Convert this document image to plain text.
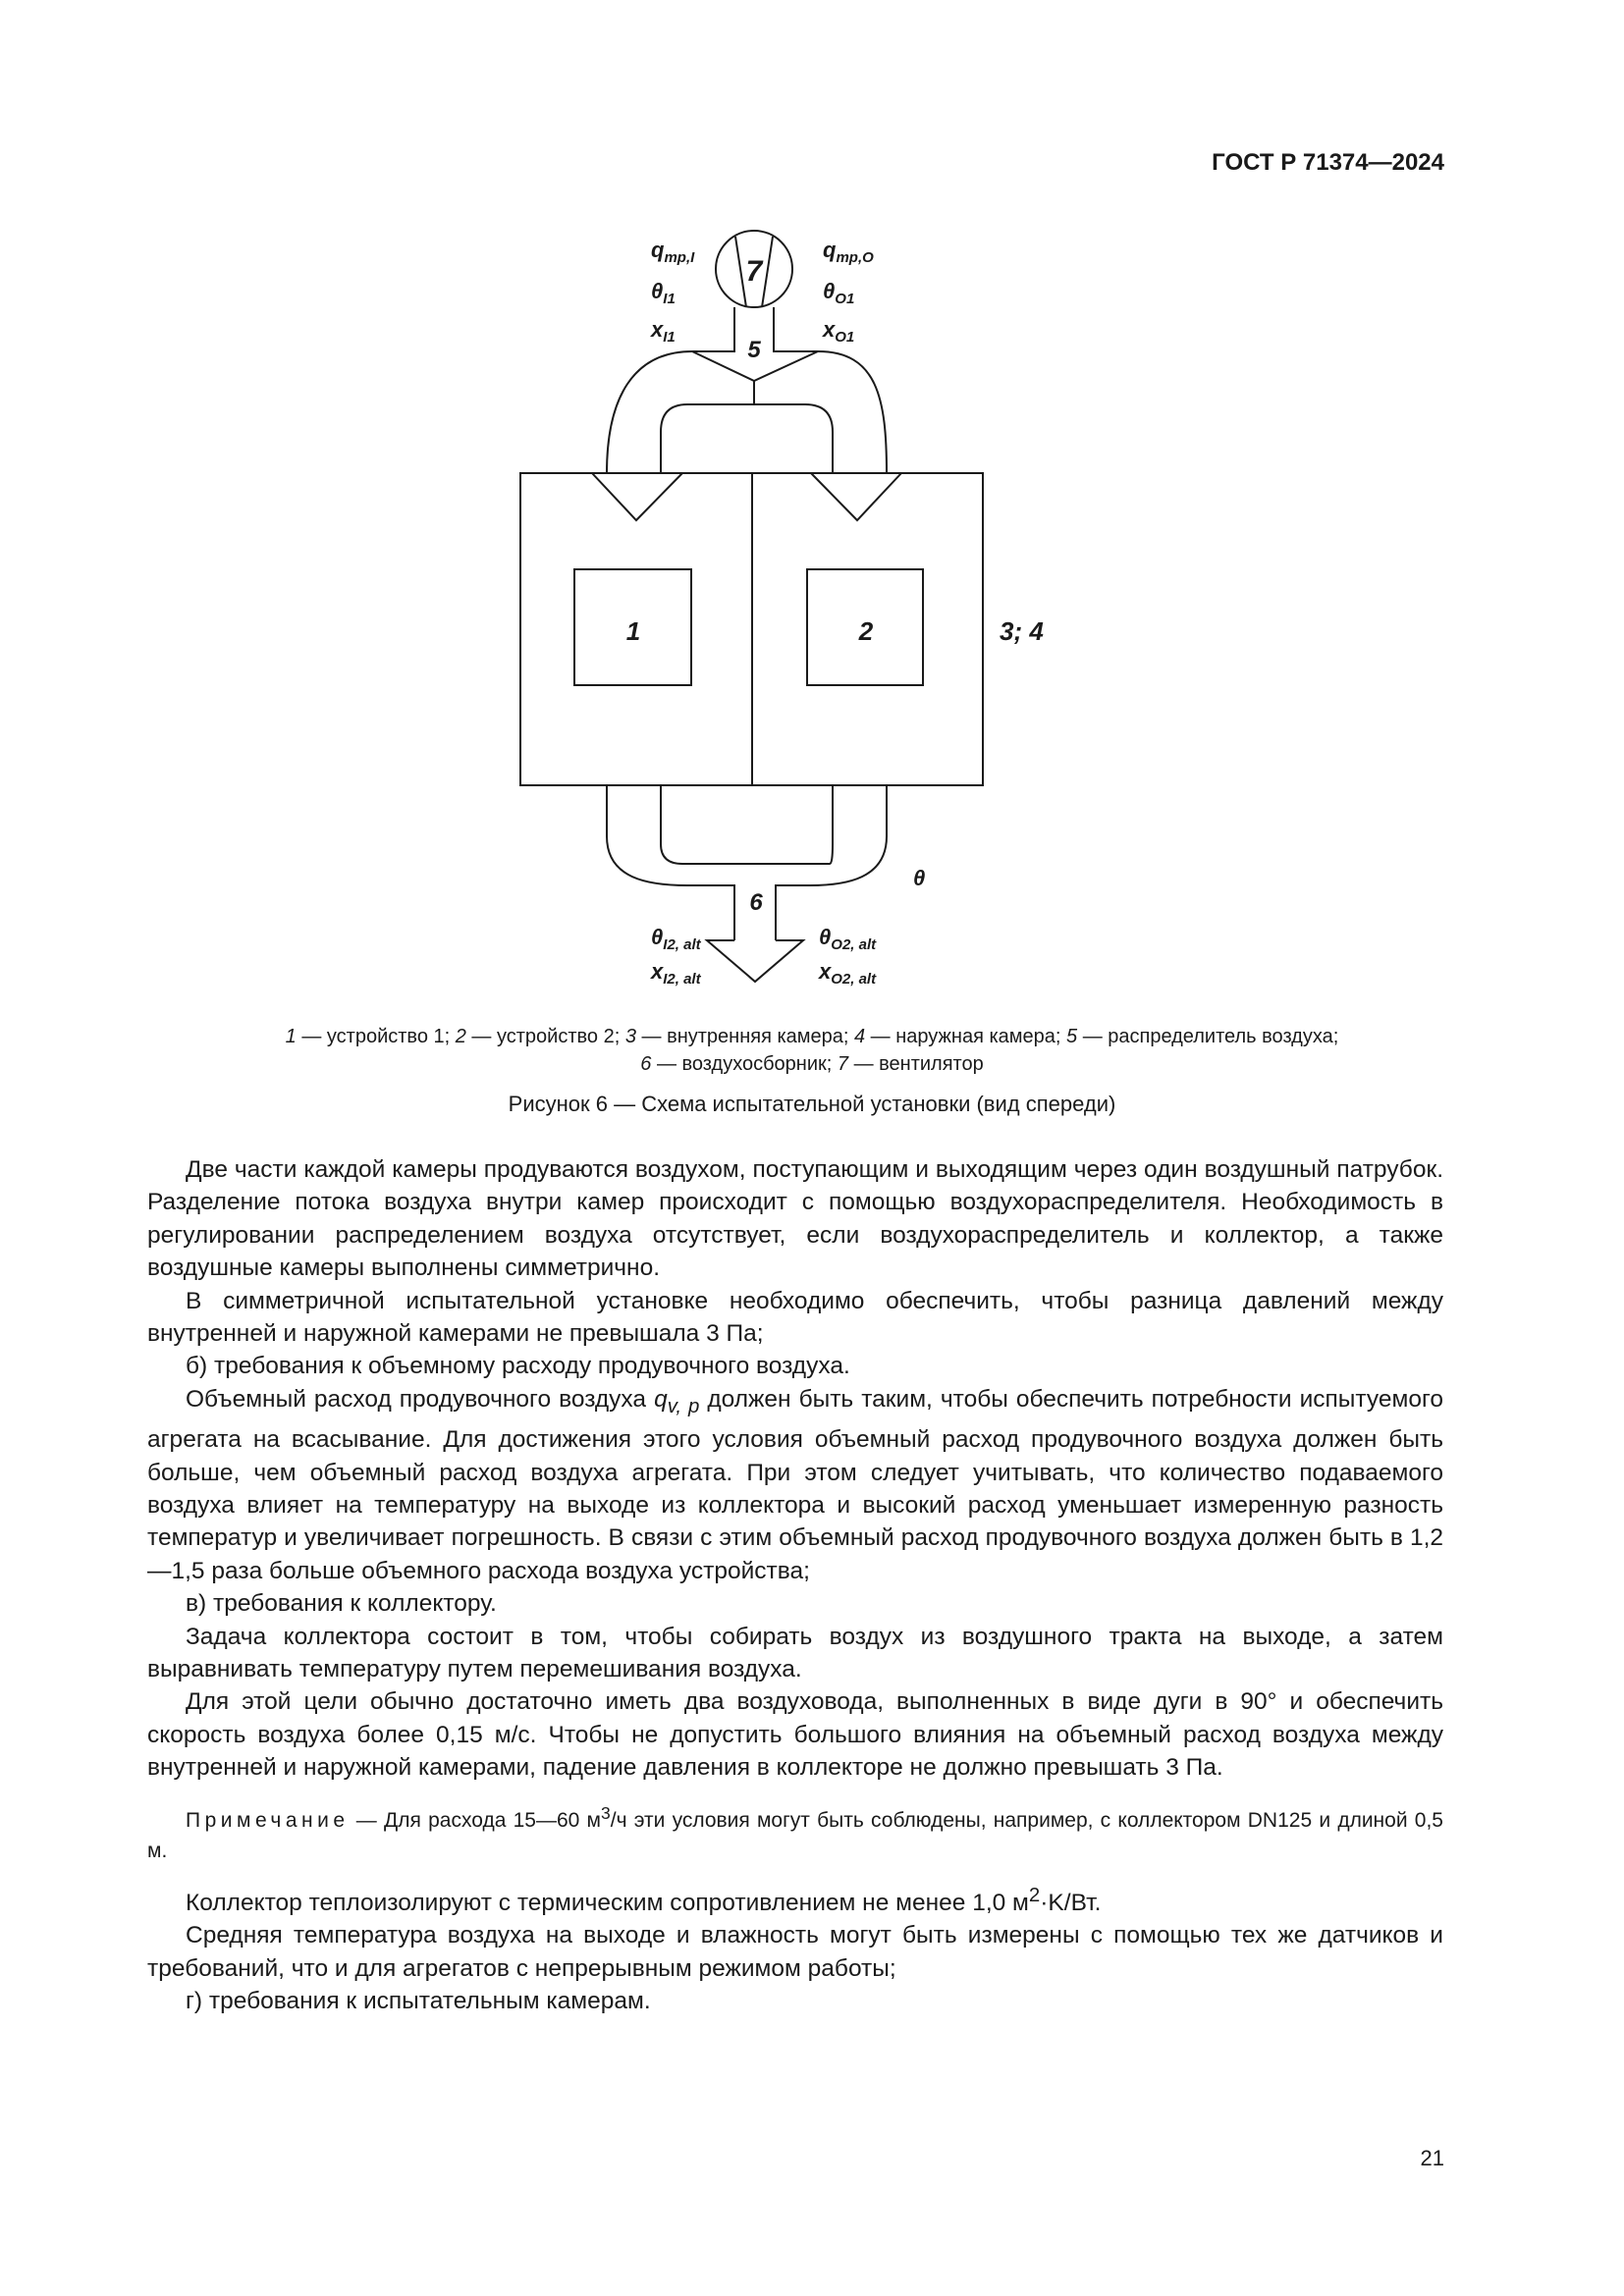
ГОСТ Р 71374—2024
7
5
6
1	2	3; 4
θ
$q_{mp,I}$
$\theta_{I1}$
$x_{I1}$
$q_{mp,O}$
$\theta_{O1}$
$x_{O1}$
$\theta_{I2, alt}$
$x_{I2, alt}$
$\theta_{O2, alt}$
$x_{O2, alt}$
1 — устройство 1; 2 — устройство 2; 3 — внутренняя камера; 4 — наружная камера; 5 — распределитель воздуха;
6 — воздухосборник; 7 — вентилятор
Рисунок 6 — Схема испытательной установки (вид спереди)

Две части каждой камеры продуваются воздухом, поступающим и выходящим через один воздушный патрубок. Разделение потока воздуха внутри камер происходит с помощью воздухораспределителя. Необходимость в регулировании распределением воздуха отсутствует, если воздухораспределитель и коллектор, а также воздушные камеры выполнены симметрично.

В симметричной испытательной установке необходимо обеспечить, чтобы разница давлений между внутренней и наружной камерами не превышала 3 Па;

б) требования к объемному расходу продувочного воздуха.

Объемный расход продувочного воздуха $q_{v, p}$ должен быть таким, чтобы обеспечить потребности испытуемого агрегата на всасывание. Для достижения этого условия объемный расход продувочного воздуха должен быть больше, чем объемный расход воздуха агрегата. При этом следует учитывать, что количество подаваемого воздуха влияет на температуру на выходе из коллектора и высокий расход уменьшает измеренную разность температур и увеличивает погрешность. В связи с этим объемный расход продувочного воздуха должен быть в 1,2—1,5 раза больше объемного расхода воздуха устройства;

в) требования к коллектору.

Задача коллектора состоит в том, чтобы собирать воздух из воздушного тракта на выходе, а затем выравнивать температуру путем перемешивания воздуха.

Для этой цели обычно достаточно иметь два воздуховода, выполненных в виде дуги в 90° и обеспечить скорость воздуха более 0,15 м/с. Чтобы не допустить большого влияния на объемный расход воздуха между внутренней и наружной камерами, падение давления в коллекторе не должно превышать 3 Па.

Примечание — Для расхода 15—60 $м^3/ч$ эти условия могут быть соблюдены, например, с коллектором DN125 и длиной 0,5 м.

Коллектор теплоизолируют с термическим сопротивлением не менее 1,0 $м^2\cdot K/Вт$.

Средняя температура воздуха на выходе и влажность могут быть измерены с помощью тех же датчиков и требований, что и для агрегатов с непрерывным режимом работы;

г) требования к испытательным камерам.

21
